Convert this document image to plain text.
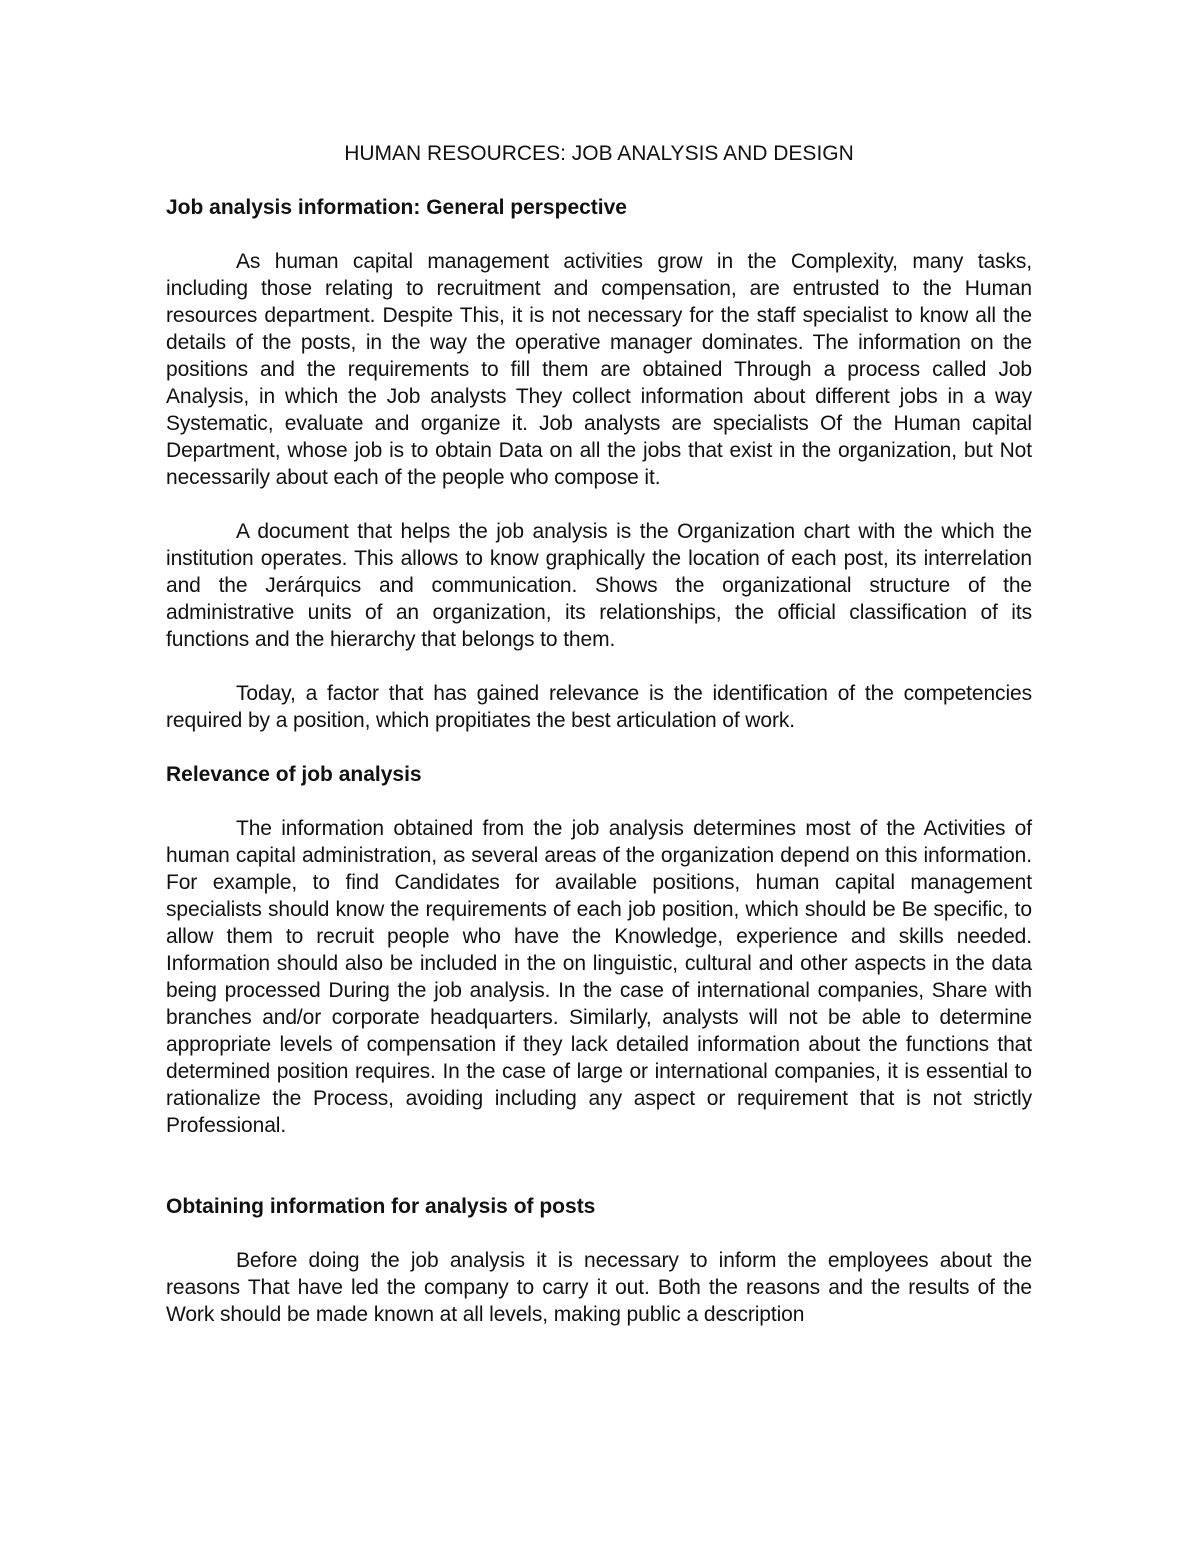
HUMAN RESOURCES: JOB ANALYSIS AND DESIGN
Job analysis information: General perspective

As human capital management activities grow in the Complexity, many tasks, including those relating to recruitment and compensation, are entrusted to the Human resources department. Despite This, it is not necessary for the staff specialist to know all the details of the posts, in the way the operative manager dominates. The information on the positions and the requirements to fill them are obtained Through a process called Job Analysis, in which the Job analysts They collect information about different jobs in a way Systematic, evaluate and organize it. Job analysts are specialists Of the Human capital Department, whose job is to obtain Data on all the jobs that exist in the organization, but Not necessarily about each of the people who compose it.

A document that helps the job analysis is the Organization chart with the which the institution operates. This allows to know graphically the location of each post, its interrelation and the Jerárquics and communication. Shows the organizational structure of the administrative units of an organization, its relationships, the official classification of its functions and the hierarchy that belongs to them.

Today, a factor that has gained relevance is the identification of the competencies required by a position, which propitiates the best articulation of work.

Relevance of job analysis

The information obtained from the job analysis determines most of the Activities of human capital administration, as several areas of the organization depend on this information. For example, to find Candidates for available positions, human capital management specialists should know the requirements of each job position, which should be Be specific, to allow them to recruit people who have the Knowledge, experience and skills needed. Information should also be included in the on linguistic, cultural and other aspects in the data being processed During the job analysis. In the case of international companies, Share with branches and/or corporate headquarters. Similarly, analysts will not be able to determine appropriate levels of compensation if they lack detailed information about the functions that determined position requires. In the case of large or international companies, it is essential to rationalize the Process, avoiding including any aspect or requirement that is not strictly Professional.

Obtaining information for analysis of posts

Before doing the job analysis it is necessary to inform the employees about the reasons That have led the company to carry it out. Both the reasons and the results of the Work should be made known at all levels, making public a description
